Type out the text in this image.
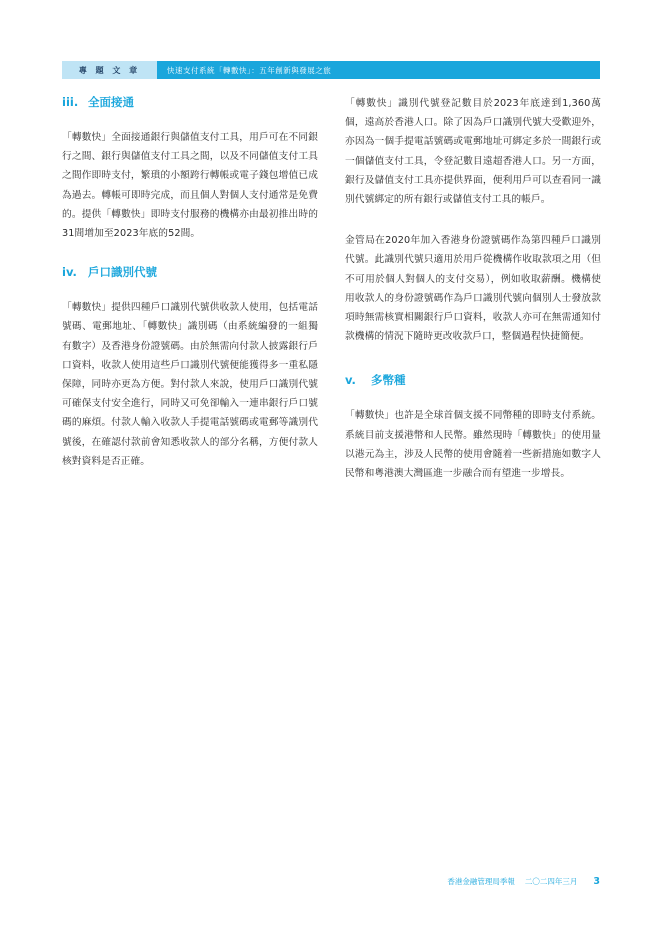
專 題 文 章	快速支付系統「轉數快」：五年創新與發展之旅
iii. 全面接通

「轉數快」全面接通銀行與儲值支付工具，用戶可在不同銀行之間、銀行與儲值支付工具之間，以及不同儲值支付工具之間作即時支付，繁瑣的小額跨行轉帳或電子錢包增值已成為過去。轉帳可即時完成，而且個人對個人支付通常是免費的。提供「轉數快」即時支付服務的機構亦由最初推出時的31間增加至2023年底的52間。

iv. 戶口識別代號

「轉數快」提供四種戶口識別代號供收款人使用，包括電話號碼、電郵地址、「轉數快」識別碼（由系統編發的一組獨有數字）及香港身份證號碼。由於無需向付款人披露銀行戶口資料，收款人使用這些戶口識別代號便能獲得多一重私隱保障，同時亦更為方便。對付款人來說，使用戶口識別代號可確保支付安全進行，同時又可免卻輸入一連串銀行戶口號碼的麻煩。付款人輸入收款人手提電話號碼或電郵等識別代號後，在確認付款前會知悉收款人的部分名稱，方便付款人核對資料是否正確。

「轉數快」識別代號登記數目於2023年底達到1,360萬個，遠高於香港人口。除了因為戶口識別代號大受歡迎外，亦因為一個手提電話號碼或電郵地址可綁定多於一間銀行或一個儲值支付工具，令登記數目遠超香港人口。另一方面，銀行及儲值支付工具亦提供界面，便利用戶可以查看同一識別代號綁定的所有銀行或儲值支付工具的帳戶。

金管局在2020年加入香港身份證號碼作為第四種戶口識別代號。此識別代號只適用於用戶從機構作收取款項之用（但不可用於個人對個人的支付交易），例如收取薪酬。機構使用收款人的身份證號碼作為戶口識別代號向個別人士發放款項時無需核實相關銀行戶口資料，收款人亦可在無需通知付款機構的情況下隨時更改收款戶口，整個過程快捷簡便。

v.	多幣種

「轉數快」也許是全球首個支援不同幣種的即時支付系統。系統目前支援港幣和人民幣。雖然現時「轉數快」的使用量以港元為主，涉及人民幣的使用會隨着一些新措施如數字人民幣和粵港澳大灣區進一步融合而有望進一步增長。

香港金融管理局季報 二〇二四年三月 3
